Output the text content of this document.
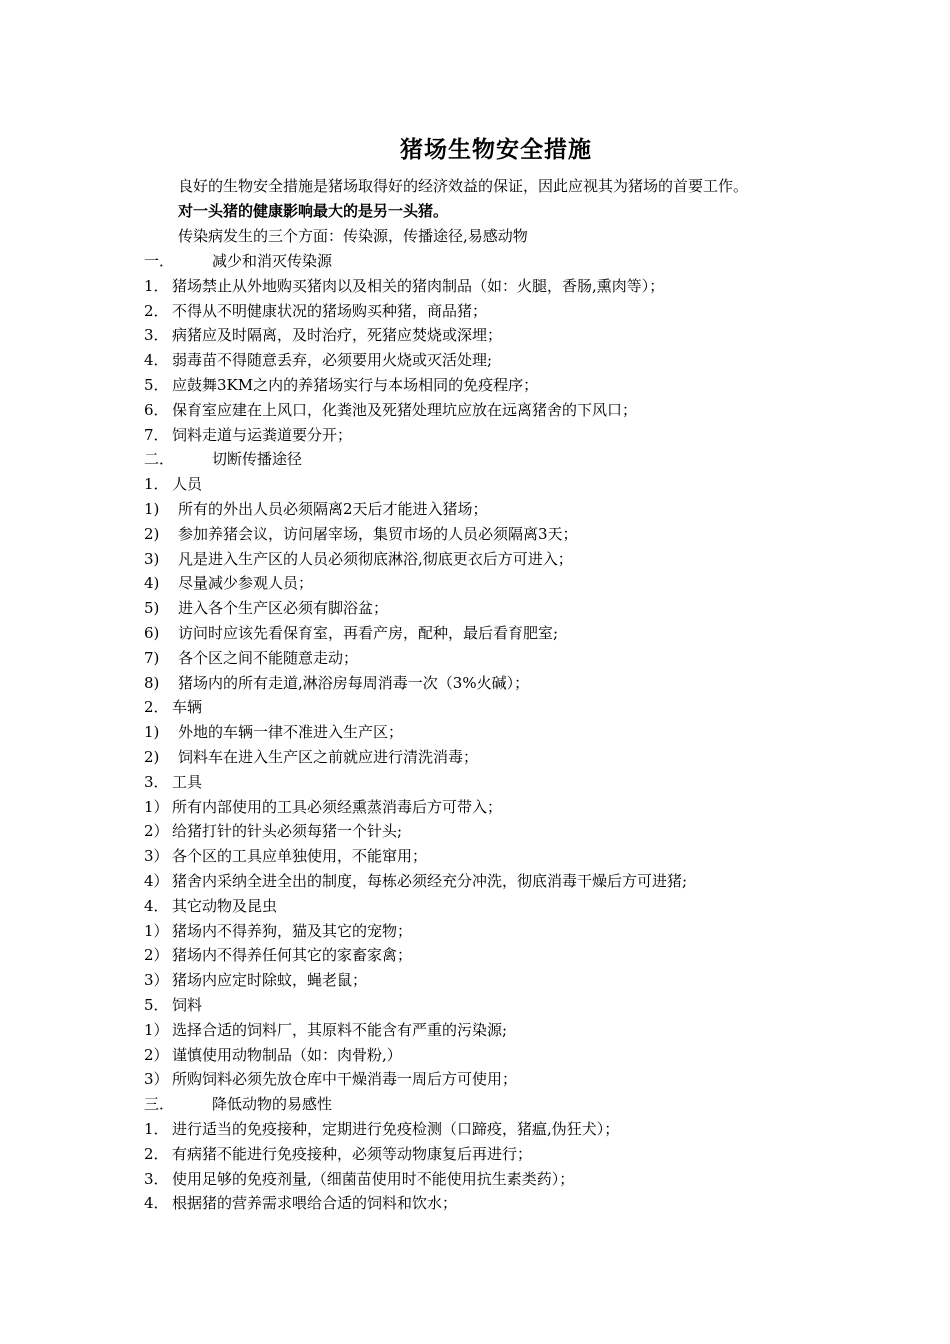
猪场生物安全措施
良好的生物安全措施是猪场取得好的经济效益的保证，因此应视其为猪场的首要工作。
对一头猪的健康影响最大的是另一头猪。
传染病发生的三个方面：传染源，传播途径,易感动物
一．	减少和消灭传染源
1． 猪场禁止从外地购买猪肉以及相关的猪肉制品（如：火腿，香肠,熏肉等）；
2． 不得从不明健康状况的猪场购买种猪，商品猪；
3． 病猪应及时隔离，及时治疗，死猪应焚烧或深埋；
4． 弱毒苗不得随意丢弃，必须要用火烧或灭活处理;
5． 应鼓舞3KM之内的养猪场实行与本场相同的免疫程序；
6． 保育室应建在上风口，化粪池及死猪处理坑应放在远离猪舍的下风口；
7． 饲料走道与运粪道要分开；
二．	切断传播途径
1． 人员
1) 所有的外出人员必须隔离2天后才能进入猪场；
2) 参加养猪会议，访问屠宰场，集贸市场的人员必须隔离3天；
3) 凡是进入生产区的人员必须彻底淋浴,彻底更衣后方可进入；
4) 尽量减少参观人员；
5) 进入各个生产区必须有脚浴盆；
6) 访问时应该先看保育室，再看产房，配种，最后看育肥室;
7) 各个区之间不能随意走动；
8) 猪场内的所有走道,淋浴房每周消毒一次（3%火碱）；
2． 车辆
1) 外地的车辆一律不准进入生产区；
2) 饲料车在进入生产区之前就应进行清洗消毒；
3． 工具
1） 所有内部使用的工具必须经熏蒸消毒后方可带入；
2） 给猪打针的针头必须每猪一个针头;
3） 各个区的工具应单独使用，不能窜用；
4） 猪舍内采纳全进全出的制度，每栋必须经充分冲洗，彻底消毒干燥后方可进猪;
4． 其它动物及昆虫
1） 猪场内不得养狗，猫及其它的宠物；
2） 猪场内不得养任何其它的家畜家禽；
3） 猪场内应定时除蚊，蝇老鼠；
5． 饲料
1） 选择合适的饲料厂，其原料不能含有严重的污染源;
2） 谨慎使用动物制品（如：肉骨粉,）
3） 所购饲料必须先放仓库中干燥消毒一周后方可使用；
三．	降低动物的易感性
1． 进行适当的免疫接种，定期进行免疫检测（口蹄疫，猪瘟,伪狂犬）；
2． 有病猪不能进行免疫接种，必须等动物康复后再进行；
3． 使用足够的免疫剂量,（细菌苗使用时不能使用抗生素类药）；
4． 根据猪的营养需求喂给合适的饲料和饮水；
